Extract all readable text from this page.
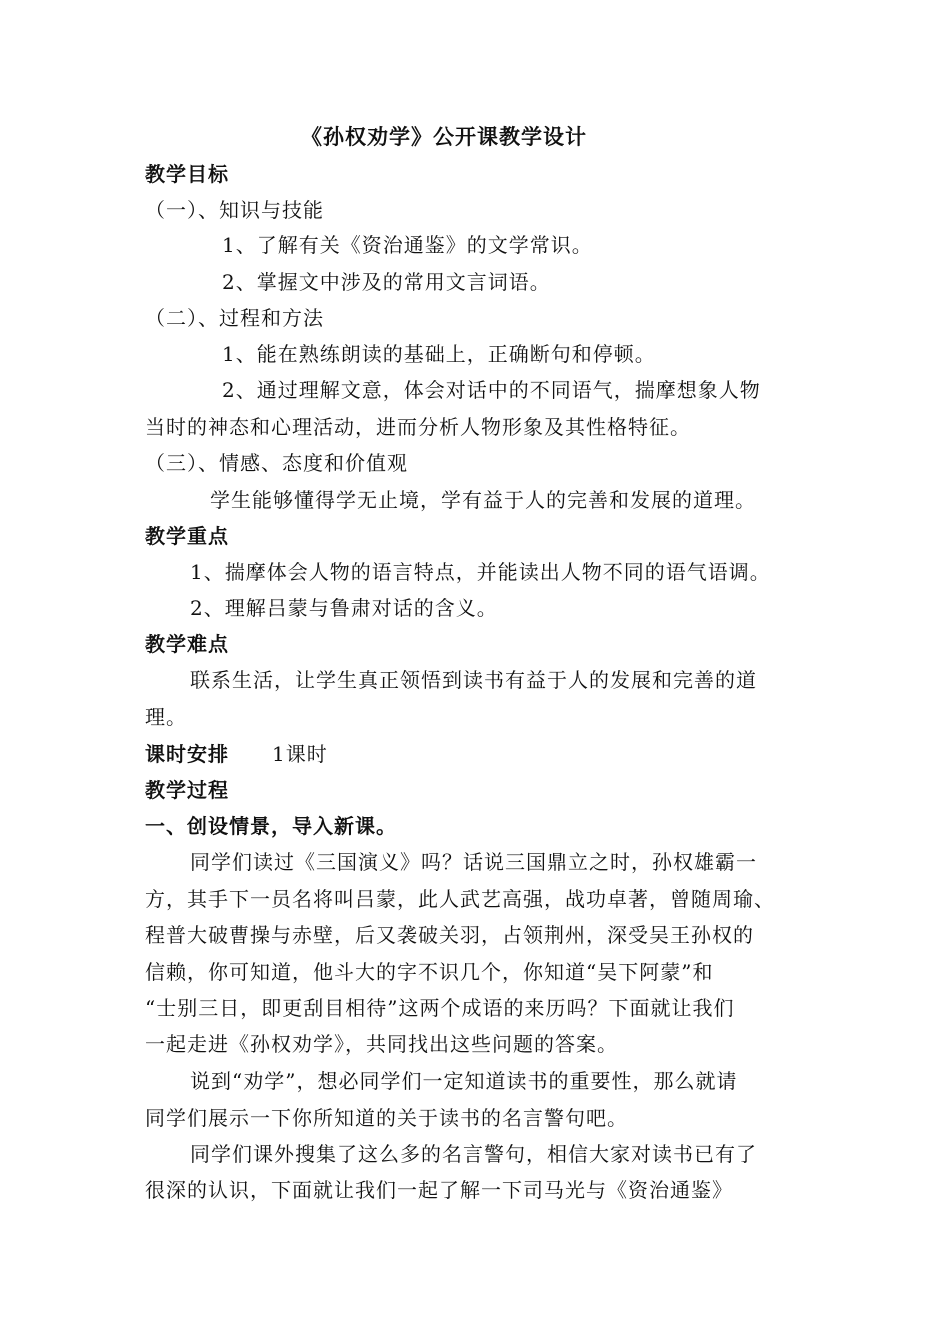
《孙权劝学》公开课教学设计
教学目标
（一）、知识与技能
1、了解有关《资治通鉴》的文学常识。
2、掌握文中涉及的常用文言词语。
（二）、过程和方法
1、能在熟练朗读的基础上，正确断句和停顿。
2、通过理解文意，体会对话中的不同语气，揣摩想象人物
当时的神态和心理活动，进而分析人物形象及其性格特征。
（三）、情感、态度和价值观
学生能够懂得学无止境，学有益于人的完善和发展的道理。
教学重点
1、揣摩体会人物的语言特点，并能读出人物不同的语气语调。
2、理解吕蒙与鲁肃对话的含义。
教学难点
联系生活，让学生真正领悟到读书有益于人的发展和完善的道
理。
课时安排 1课时
教学过程
一、创设情景，导入新课。
同学们读过《三国演义》吗？话说三国鼎立之时，孙权雄霸一
方，其手下一员名将叫吕蒙，此人武艺高强，战功卓著，曾随周瑜、
程普大破曹操与赤壁，后又袭破关羽，占领荆州，深受吴王孙权的
信赖，你可知道，他斗大的字不识几个，你知道“吴下阿蒙”和
“士别三日，即更刮目相待”这两个成语的来历吗？下面就让我们
一起走进《孙权劝学》，共同找出这些问题的答案。
说到“劝学”，想必同学们一定知道读书的重要性，那么就请
同学们展示一下你所知道的关于读书的名言警句吧。
同学们课外搜集了这么多的名言警句，相信大家对读书已有了
很深的认识，下面就让我们一起了解一下司马光与《资治通鉴》
